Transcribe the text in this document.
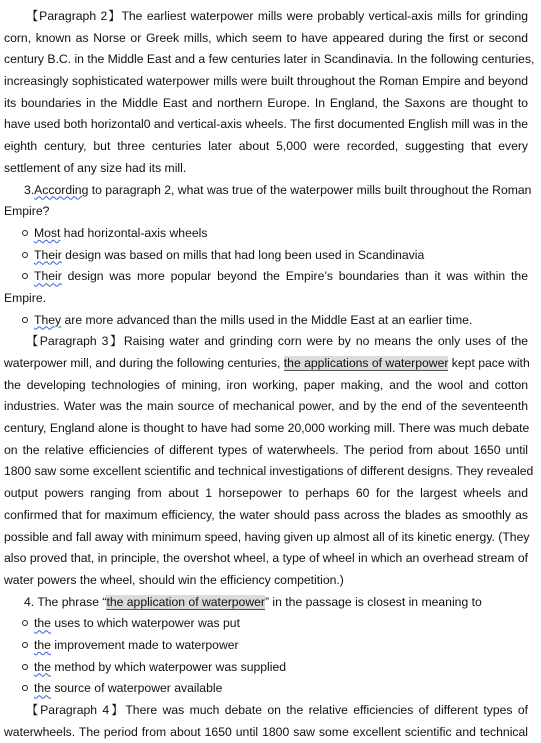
【Paragraph 2】The earliest waterpower mills were probably vertical-axis mills for grinding
corn, known as Norse or Greek mills, which seem to have appeared during the first or second
century B.C. in the Middle East and a few centuries later in Scandinavia. In the following centuries,
increasingly sophisticated waterpower mills were built throughout the Roman Empire and beyond
its boundaries in the Middle East and northern Europe. In England, the Saxons are thought to
have used both horizontal0 and vertical-axis wheels. The first documented English mill was in the
eighth century, but three centuries later about 5,000 were recorded, suggesting that every
settlement of any size had its mill.
3.According to paragraph 2, what was true of the waterpower mills built throughout the Roman
Empire?
Most had horizontal-axis wheels
Their design was based on mills that had long been used in Scandinavia
Their design was more popular beyond the Empire’s boundaries than it was within the
Empire.
They are more advanced than the mills used in the Middle East at an earlier time.
【Paragraph 3】Raising water and grinding corn were by no means the only uses of the
waterpower mill, and during the following centuries, the applications of waterpower kept pace with
the developing technologies of mining, iron working, paper making, and the wool and cotton
industries. Water was the main source of mechanical power, and by the end of the seventeenth
century, England alone is thought to have had some 20,000 working mill. There was much debate
on the relative efficiencies of different types of waterwheels. The period from about 1650 until
1800 saw some excellent scientific and technical investigations of different designs. They revealed
output powers ranging from about 1 horsepower to perhaps 60 for the largest wheels and
confirmed that for maximum efficiency, the water should pass across the blades as smoothly as
possible and fall away with minimum speed, having given up almost all of its kinetic energy. (They
also proved that, in principle, the overshot wheel, a type of wheel in which an overhead stream of
water powers the wheel, should win the efficiency competition.)
4. The phrase “the application of waterpower” in the passage is closest in meaning to
the uses to which waterpower was put
the improvement made to waterpower
the method by which waterpower was supplied
the source of waterpower available
【Paragraph 4】There was much debate on the relative efficiencies of different types of
waterwheels. The period from about 1650 until 1800 saw some excellent scientific and technical
